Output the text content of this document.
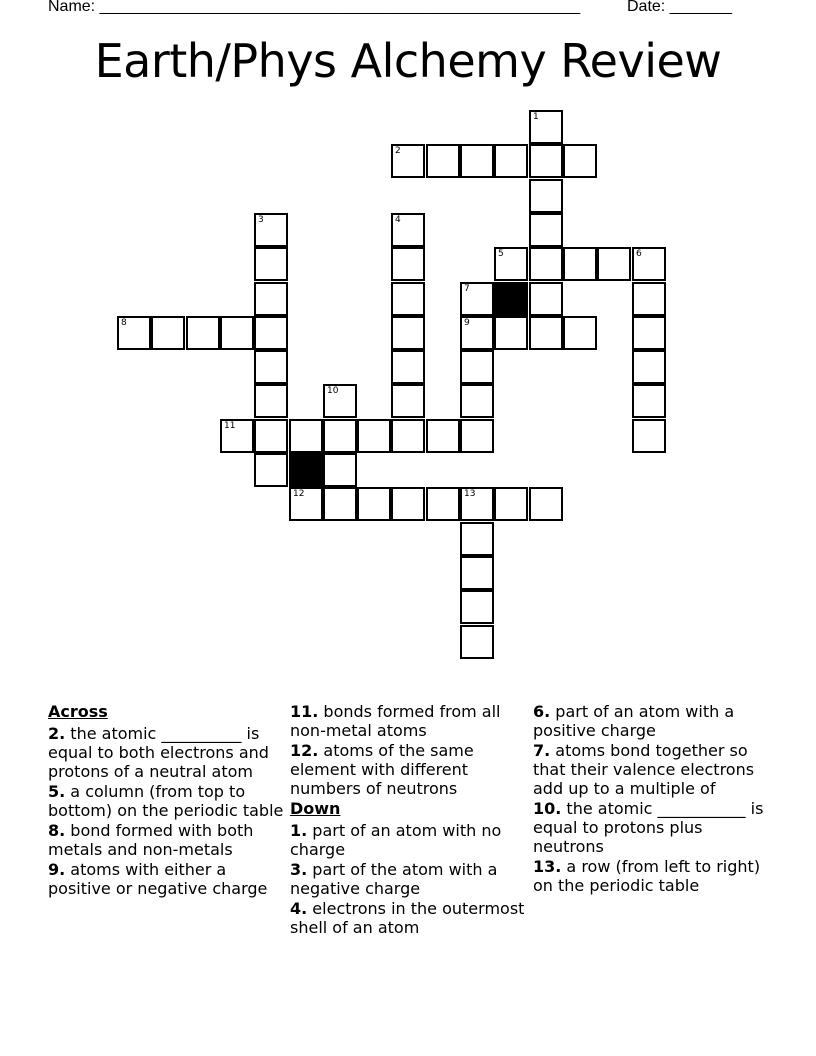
Name: ______________________________________________________	Date: _______
Earth/Phys Alchemy Review
1
2
3	4
5	6
7
8	9
10
11
12	13
Across
2. the atomic __________ is equal to both electrons and protons of a neutral atom
5. a column (from top to bottom) on the periodic table
8. bond formed with both metals and non-metals
9. atoms with either a positive or negative charge
11. bonds formed from all non-metal atoms
12. atoms of the same element with different numbers of neutrons
Down
1. part of an atom with no charge
3. part of the atom with a negative charge
4. electrons in the outermost shell of an atom
6. part of an atom with a positive charge
7. atoms bond together so that their valence electrons add up to a multiple of
10. the atomic ___________ is equal to protons plus neutrons
13. a row (from left to right) on the periodic table
